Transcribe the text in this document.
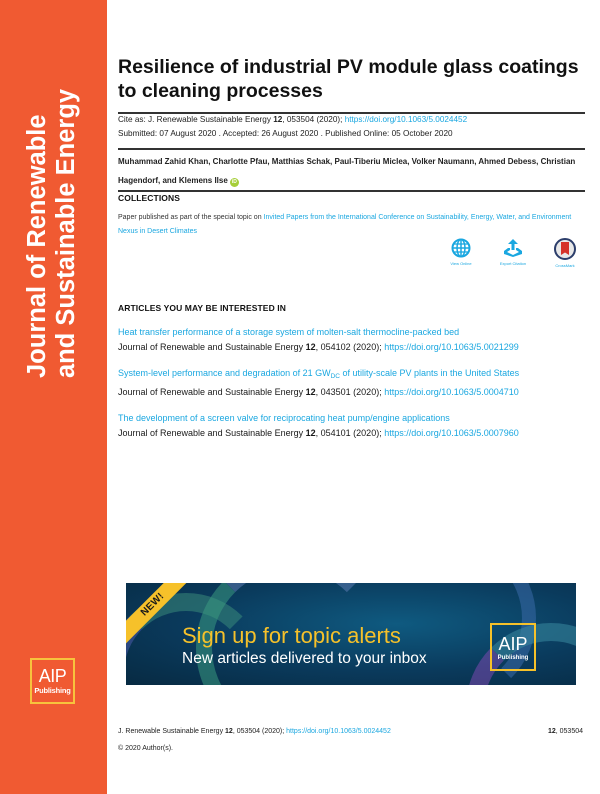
Journal of Renewable and Sustainable Energy
AIP
Publishing
Resilience of industrial PV module glass coatings to cleaning processes
Cite as: J. Renewable Sustainable Energy 12, 053504 (2020); https://doi.org/10.1063/5.0024452
Submitted: 07 August 2020 . Accepted: 26 August 2020 . Published Online: 05 October 2020
Muhammad Zahid Khan, Charlotte Pfau, Matthias Schak, Paul-Tiberiu Miclea, Volker Naumann, Ahmed Debess, Christian Hagendorf, and Klemens Ilse iD
COLLECTIONS
Paper published as part of the special topic on Invited Papers from the International Conference on Sustainability, Energy, Water, and Environment Nexus in Desert Climates
View Online	Export Citation	CrossMark
ARTICLES YOU MAY BE INTERESTED IN
Heat transfer performance of a storage system of molten-salt thermocline-packed bed
Journal of Renewable and Sustainable Energy 12, 054102 (2020); https://doi.org/10.1063/5.0021299
System-level performance and degradation of 21 $GW_{DC}$ of utility-scale PV plants in the United States
Journal of Renewable and Sustainable Energy 12, 043501 (2020); https://doi.org/10.1063/5.0004710
The development of a screen valve for reciprocating heat pump/engine applications
Journal of Renewable and Sustainable Energy 12, 054101 (2020); https://doi.org/10.1063/5.0007960
J. Renewable Sustainable Energy 12, 053504 (2020); https://doi.org/10.1063/5.0024452	12, 053504
© 2020 Author(s).
NEW!
Sign up for topic alerts
New articles delivered to your inbox
AIP
Publishing
